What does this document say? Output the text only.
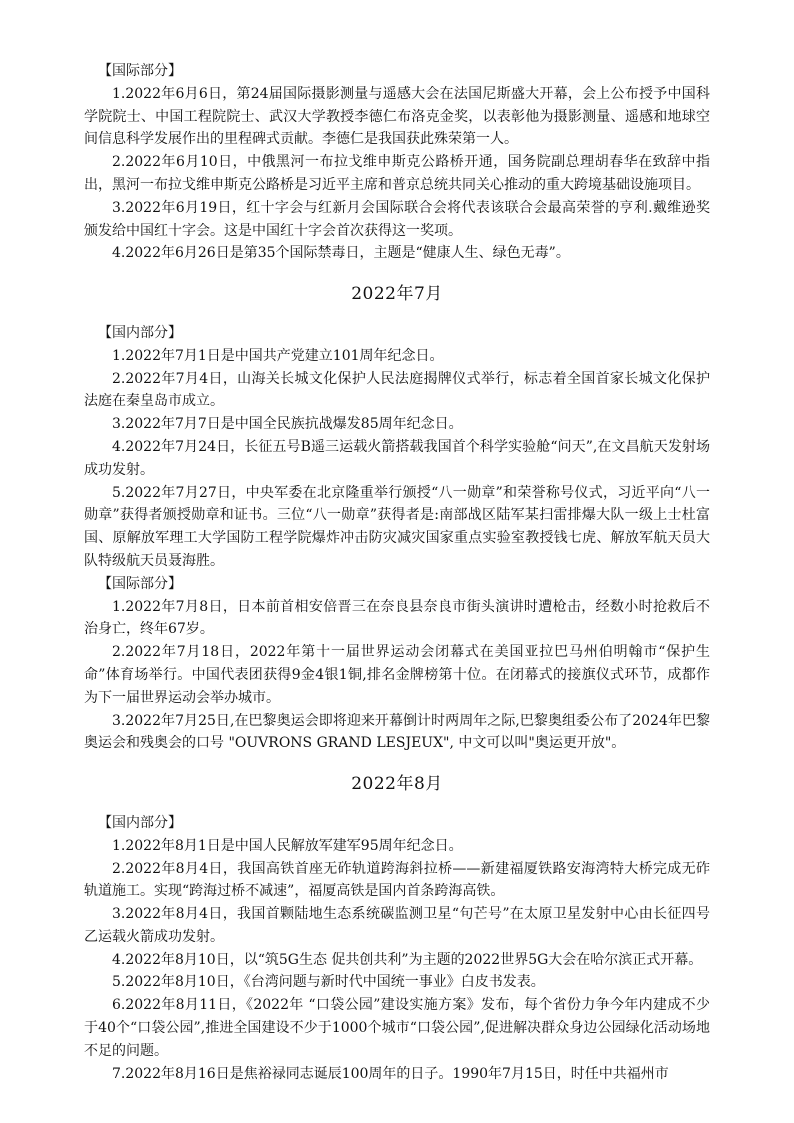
【国际部分】

1.2022年6月6日，第24届国际摄影测量与遥感大会在法国尼斯盛大开幕，会上公布授予中国科学院院士、中国工程院院士、武汉大学教授李德仁布洛克金奖，以表彰他为摄影测量、遥感和地球空间信息科学发展作出的里程碑式贡献。李德仁是我国获此殊荣第一人。

2.2022年6月10日，中俄黑河一布拉戈维申斯克公路桥开通，国务院副总理胡春华在致辞中指出，黑河一布拉戈维申斯克公路桥是习近平主席和普京总统共同关心推动的重大跨境基础设施项目。

3.2022年6月19日，红十字会与红新月会国际联合会将代表该联合会最高荣誉的亨利.戴维逊奖颁发给中国红十字会。这是中国红十字会首次获得这一奖项。

4.2022年6月26日是第35个国际禁毒日，主题是“健康人生、绿色无毒”。

2022年7月

【国内部分】

1.2022年7月1日是中国共产党建立101周年纪念日。

2.2022年7月4日，山海关长城文化保护人民法庭揭牌仪式举行，标志着全国首家长城文化保护法庭在秦皇岛市成立。

3.2022年7月7日是中国全民族抗战爆发85周年纪念日。

4.2022年7月24日，长征五号B遥三运载火箭搭载我国首个科学实验舱“问天”,在文昌航天发射场成功发射。

5.2022年7月27日，中央军委在北京隆重举行颁授“八一勋章”和荣誉称号仪式，习近平向“八一勋章”获得者颁授勋章和证书。三位“八一勋章”获得者是:南部战区陆军某扫雷排爆大队一级上士杜富国、原解放军理工大学国防工程学院爆炸冲击防灾减灾国家重点实验室教授钱七虎、解放军航天员大队特级航天员聂海胜。

【国际部分】

1.2022年7月8日，日本前首相安倍晋三在奈良县奈良市街头演讲时遭枪击，经数小时抢救后不治身亡，终年67岁。

2.2022年7月18日，2022年第十一届世界运动会闭幕式在美国亚拉巴马州伯明翰市“保护生命”体育场举行。中国代表团获得9金4银1铜,排名金牌榜第十位。在闭幕式的接旗仪式环节，成都作为下一届世界运动会举办城市。

3.2022年7月25日,在巴黎奥运会即将迎来开幕倒计时两周年之际,巴黎奥组委公布了2024年巴黎奥运会和残奥会的口号 "OUVRONS GRAND LESJEUX", 中文可以叫"奥运更开放"。

2022年8月

【国内部分】

1.2022年8月1日是中国人民解放军建军95周年纪念日。

2.2022年8月4日，我国高铁首座无砟轨道跨海斜拉桥——新建福厦铁路安海湾特大桥完成无砟轨道施工。实现“跨海过桥不减速”，福厦高铁是国内首条跨海高铁。

3.2022年8月4日，我国首颗陆地生态系统碳监测卫星“句芒号”在太原卫星发射中心由长征四号乙运载火箭成功发射。

4.2022年8月10日，以“筑5G生态 促共创共利”为主题的2022世界5G大会在哈尔滨正式开幕。

5.2022年8月10日，《台湾问题与新时代中国统一事业》白皮书发表。

6.2022年8月11日，《2022年 “口袋公园”建设实施方案》发布，每个省份力争今年内建成不少于40个“口袋公园”,推进全国建设不少于1000个城市“口袋公园”,促进解决群众身边公园绿化活动场地不足的问题。

7.2022年8月16日是焦裕禄同志诞辰100周年的日子。1990年7月15日，时任中共福州市
